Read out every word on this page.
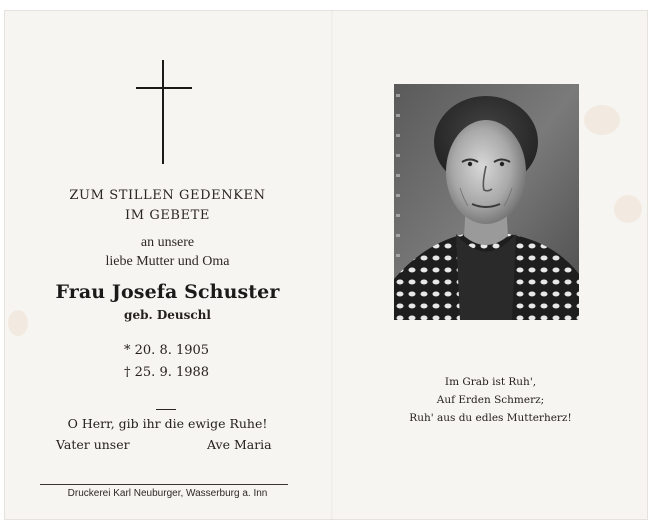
ZUM STILLEN GEDENKEN
IM GEBETE
an unsere
liebe Mutter und Oma
Frau Josefa Schuster
geb. Deuschl
* 20. 8. 1905
† 25. 9. 1988
O Herr, gib ihr die ewige Ruhe!
Vater unser	Ave Maria
Druckerei Karl Neuburger, Wasserburg a. Inn
Im Grab ist Ruh',
Auf Erden Schmerz;
Ruh' aus du edles Mutterherz!
